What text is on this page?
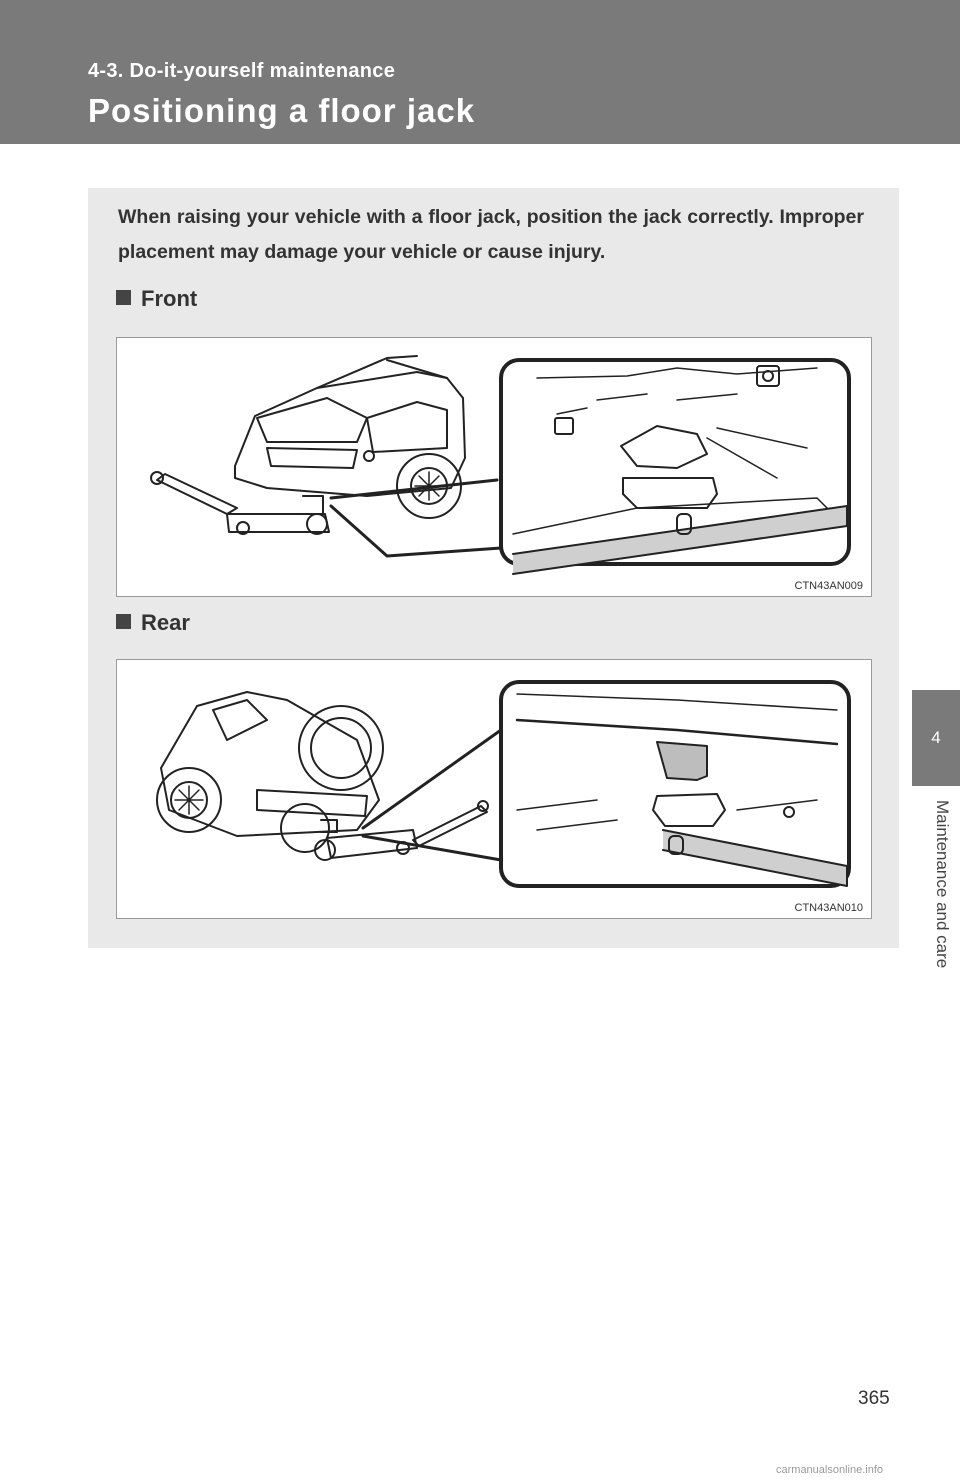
4-3. Do-it-yourself maintenance
Positioning a floor jack
4
Maintenance and care
When raising your vehicle with a floor jack, position the jack correctly. Improper placement may damage your vehicle or cause injury.
Front
CTN43AN009
Rear
CTN43AN010
365
carmanualsonline.info
